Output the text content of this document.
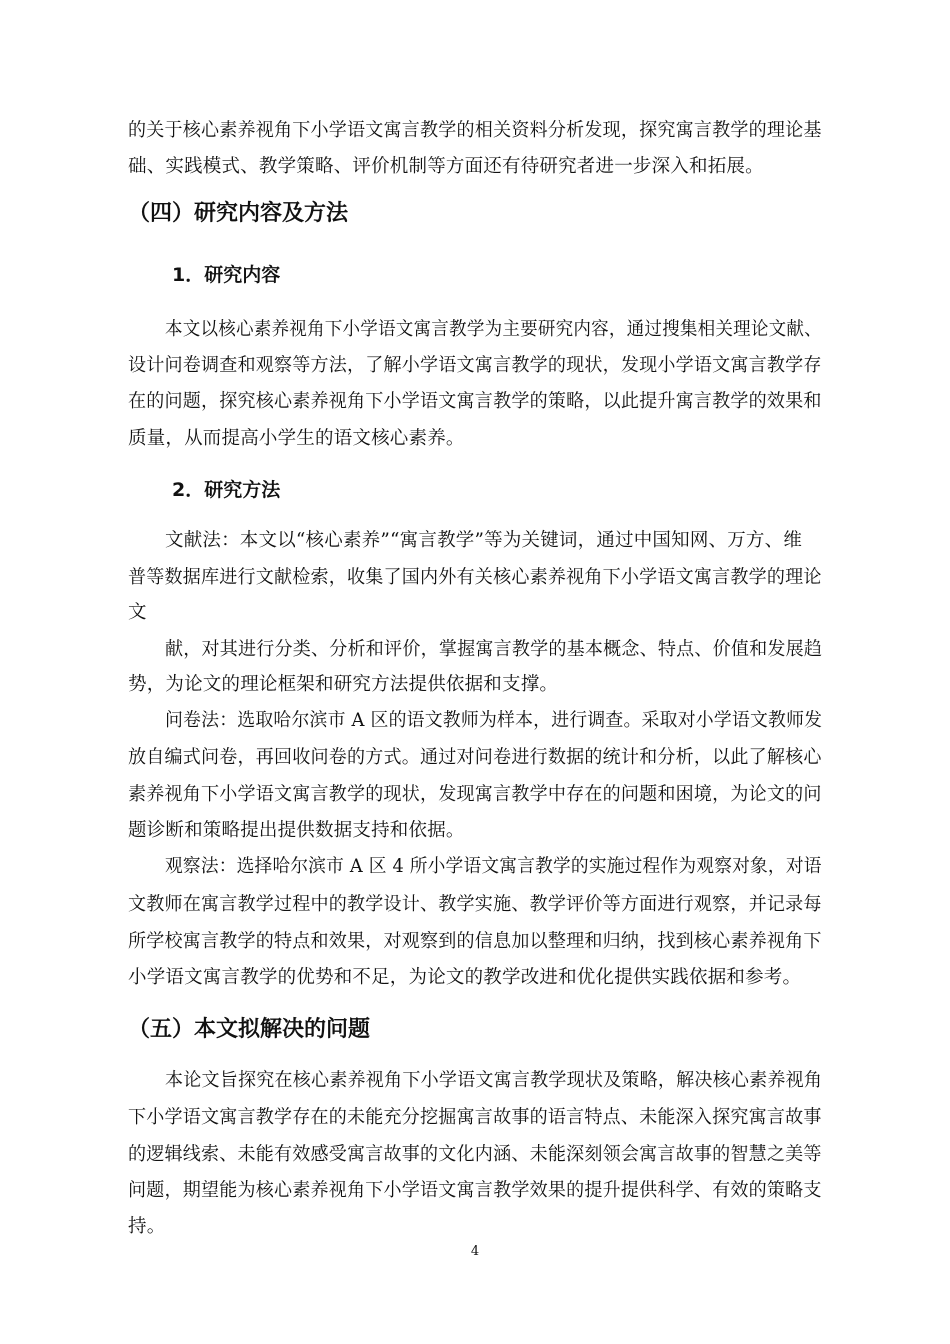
的关于核心素养视角下小学语文寓言教学的相关资料分析发现，探究寓言教学的理论基
础、实践模式、教学策略、评价机制等方面还有待研究者进一步深入和拓展。
（四）研究内容及方法
1．研究内容
本文以核心素养视角下小学语文寓言教学为主要研究内容，通过搜集相关理论文献、
设计问卷调查和观察等方法，了解小学语文寓言教学的现状，发现小学语文寓言教学存
在的问题，探究核心素养视角下小学语文寓言教学的策略，以此提升寓言教学的效果和
质量，从而提高小学生的语文核心素养。
2．研究方法
文献法：本文以“核心素养”“寓言教学”等为关键词，通过中国知网、万方、维
普等数据库进行文献检索，收集了国内外有关核心素养视角下小学语文寓言教学的理论
文
献，对其进行分类、分析和评价，掌握寓言教学的基本概念、特点、价值和发展趋
势，为论文的理论框架和研究方法提供依据和支撑。
问卷法：选取哈尔滨市 A 区的语文教师为样本，进行调查。采取对小学语文教师发
放自编式问卷，再回收问卷的方式。通过对问卷进行数据的统计和分析，以此了解核心
素养视角下小学语文寓言教学的现状，发现寓言教学中存在的问题和困境，为论文的问
题诊断和策略提出提供数据支持和依据。
观察法：选择哈尔滨市 A 区 4 所小学语文寓言教学的实施过程作为观察对象，对语
文教师在寓言教学过程中的教学设计、教学实施、教学评价等方面进行观察，并记录每
所学校寓言教学的特点和效果，对观察到的信息加以整理和归纳，找到核心素养视角下
小学语文寓言教学的优势和不足，为论文的教学改进和优化提供实践依据和参考。
（五）本文拟解决的问题
本论文旨探究在核心素养视角下小学语文寓言教学现状及策略，解决核心素养视角
下小学语文寓言教学存在的未能充分挖掘寓言故事的语言特点、未能深入探究寓言故事
的逻辑线索、未能有效感受寓言故事的文化内涵、未能深刻领会寓言故事的智慧之美等
问题，期望能为核心素养视角下小学语文寓言教学效果的提升提供科学、有效的策略支
持。
4
